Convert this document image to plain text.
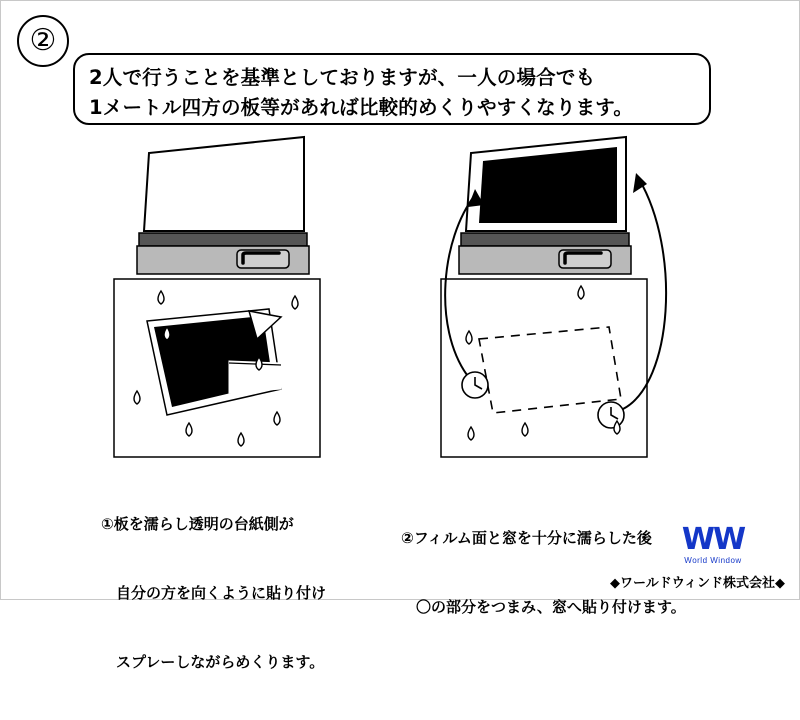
②
2人で行うことを基準としておりますが、一人の場合でも
1メートル四方の板等があれば比較的めくりやすくなります。

①板を濡らし透明の台紙側が

　自分の方を向くように貼り付け

　スプレーしながらめくります。

②フィルム面と窓を十分に濡らした後

　〇の部分をつまみ、窓へ貼り付けます。

WW
World Window
◆ワールドウィンド株式会社◆
